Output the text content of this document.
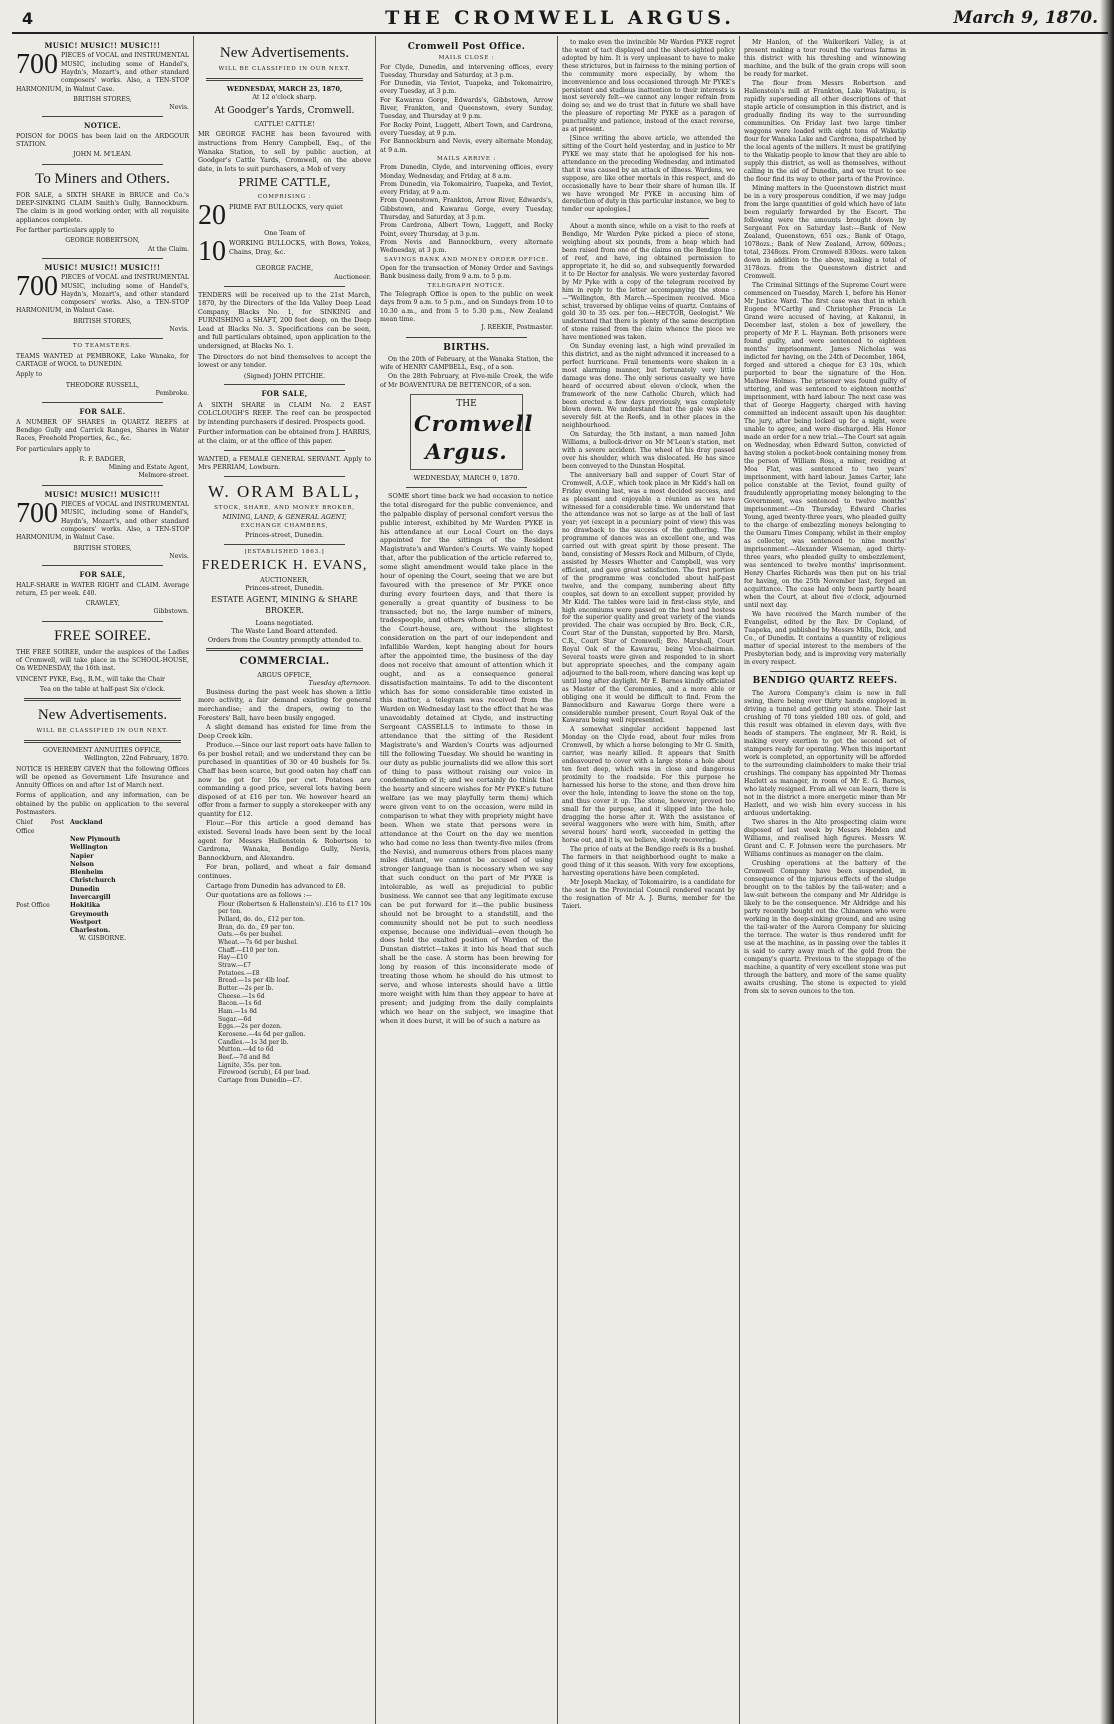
4	THE CROMWELL ARGUS.	March 9, 1870.
MUSIC! MUSIC!! MUSIC!!!
700 PIECES of VOCAL and INSTRUMENTAL MUSIC, including some of Handel's, Haydn's, Mozart's, and other standard composers' works. Also, a TEN-STOP HARMONIUM, in Walnut Case.
BRITISH STORES,
Nevis.
NOTICE.
POISON for DOGS has been laid on the ARDGOUR STATION.
JOHN M. M'LEAN.
To Miners and Others.
FOR SALE, a SIXTH SHARE in BRUCE and Co.'s DEEP-SINKING CLAIM Smith's Gully, Bannockburn. The claim is in good working order, with all requisite appliances complete.
For farther particulars apply to
GEORGE ROBERTSON,
At the Claim.
MUSIC! MUSIC!! MUSIC!!!
700 PIECES of VOCAL and INSTRUMENTAL MUSIC, including some of Handel's, Haydn's, Mozart's, and other standard composers' works. Also, a TEN-STOP HARMONIUM, in Walnut Case.
BRITISH STORES,
Nevis.
TO TEAMSTERS.
TEAMS WANTED at PEMBROKE, Lake Wanaka, for CARTAGE of WOOL to DUNEDIN.
Apply to
THEODORE RUSSELL,
Pembroke.
FOR SALE.
A NUMBER OF SHARES in QUARTZ REEFS at Bendigo Gully and Carrick Ranges, Shares in Water Races, Freehold Properties, &c., &c.
For particulars apply to
R. F. BADGER,
Mining and Estate Agent,
Melmore-street.
MUSIC! MUSIC!! MUSIC!!!
700 PIECES of VOCAL and INSTRUMENTAL MUSIC, including some of Handel's, Haydn's, Mozart's, and other standard composers' works. Also, a TEN-STOP HARMONIUM, in Walnut Case.
BRITISH STORES,
Nevis.
FOR SALE,
HALF-SHARE in WATER RIGHT and CLAIM. Average return, £5 per week. £40.
CRAWLEY,
Gibbstown.
FREE SOIREE.
THE FREE SOIREE, under the auspices of the Ladies of Cromwell, will take place in the SCHOOL-HOUSE, On WEDNESDAY, the 16th inst.
VINCENT PYKE, Esq., R.M., will take the Chair
Tea on the table at half-past Six o'clock.
New Advertisements.
WILL BE CLASSIFIED IN OUR NEXT.
GOVERNMENT ANNUITIES OFFICE,
Wellington, 22nd February, 1870.
NOTICE IS HEREBY GIVEN that the following Offices will be opened as Government Life Insurance and Annuity Offices on and after 1st of March next.
Forms of application, and any information, can be obtained by the public on application to the several Postmasters.
Chief Post Office
Auckland
New Plymouth
Wellington
Napier
Nelson
Blenheim
Christchurch
Dunedin
Invercargill
Post Office	Hokitika
Greymouth
Westport
Charleston.
W. GISBORNE.
New Advertisements.
WILL BE CLASSIFIED IN OUR NEXT.
WEDNESDAY, MARCH 23, 1870,
At 12 o'clock sharp.
At Goodger's Yards, Cromwell.
CATTLE! CATTLE!
MR GEORGE FACHE has been favoured with instructions from Henry Campbell, Esq., of the Wanaka Station, to sell by public auction, at Goodger's Cattle Yards, Cromwell, on the above date, in lots to suit purchasers, a Mob of very
PRIME CATTLE,
COMPRISING :
20 PRIME FAT BULLOCKS, very quiet
One Team of
10 WORKING BULLOCKS, with Bows, Yokes, Chains, Dray, &c.
GEORGE FACHE,
Auctioneer.
TENDERS will be received up to the 21st March, 1870, by the Directors of the Ida Valley Deep Lead Company, Blacks No. 1, for SINKING and FURNISHING a SHAFT, 200 feet deep, on the Deep Lead at Blacks No. 3. Specifications can be seen, and full particulars obtained, upon application to the undersigned, at Blacks No. 1.
The Directors do not bind themselves to accept the lowest or any tender.
(Signed) JOHN PITCHIE.
FOR SALE,
A SIXTH SHARE in CLAIM No. 2 EAST COLCLOUGH'S REEF. The reef can be prospected by intending purchasers if desired. Prospects good.
Further information can be obtained from J. HARRIS, at the claim, or at the office of this paper.
WANTED, a FEMALE GENERAL SERVANT. Apply to Mrs PERRIAM, Lowburn.
W. ORAM BALL,
STOCK, SHARE, AND MONEY BROKER,
MINING, LAND, & GENERAL AGENT,
EXCHANGE CHAMBERS,
Princes-street, Dunedin.
[ESTABLISHED 1863.]
FREDERICK H. EVANS,
AUCTIONEER,
Princes-street, Dunedin.
ESTATE AGENT, MINING & SHARE BROKER.
Loans negotiated.
The Waste Land Board attended.
Orders from the Country promptly attended to.
COMMERCIAL.
ARGUS OFFICE,
Tuesday afternoon.

Business during the past week has shown a little more activity, a fair demand existing for general merchandise; and the drapers, owing to the Foresters' Ball, have been busily engaged.

A slight demand has existed for lime from the Deep Creek kiln.

Produce.—Since our last report oats have fallen to 6s per bushel retail; and we understand they can be purchased in quantities of 30 or 40 bushels for 5s. Chaff has been scarce, but good oaten hay chaff can now be got for 10s per cwt. Potatoes are commanding a good price, several lots having been disposed of at £16 per ton. We however heard an offer from a farmer to supply a storekeeper with any quantity for £12.

Flour.—For this article a good demand has existed. Several loads have been sent by the local agent for Messrs Hallenstein & Robertson to Cardrona, Wanaka, Bendigo Gully, Nevis, Bannockburn, and Alexandra.

For bran, pollard, and wheat a fair demand continues.

Cartage from Dunedin has advanced to £8.

Our quotations are as follows :—

Flour (Robertson & Hallenstein's)..£16 to £17 10s per ton.
Pollard, do. do., £12 per ton.
Bran, do. do., £9 per ton.
Oats.—6s per bushel.
Wheat.—7s 6d per bushel.
Chaff.—£10 per ton.
Hay—£10
Straw.—£7
Potatoes.—£8
Bread.—1s per 4lb loaf.
Butter.—2s per lb.
Cheese.—1s 6d
Bacon.—1s 6d
Ham.—1s 8d
Sugar.—6d
Eggs.—2s per dozen.
Kerosene.—4s 6d per gallon.
Candles.—1s 3d per lb.
Mutton.—4d to 6d
Beef.—7d and 8d
Lignite, 35s. per ton.
Firewood (scrub), £4 per load.
Cartage from Dunedin—£7.
Cromwell Post Office.
MAILS CLOSE :
For Clyde, Dunedin, and intervening offices, every Tuesday, Thursday and Saturday, at 3 p.m.
For Dunedin, via Teviot, Tuapeka, and Tokomairiro, every Tuesday, at 3 p.m.
For Kawarau Gorge, Edwards's, Gibbstown, Arrow River, Frankton, and Queenstown, every Sunday, Tuesday, and Thursday at 9 p.m.
For Rocky Point, Luggett, Albert Town, and Cardrona, every Tuesday, at 9 p.m.
For Bannockburn and Nevis, every alternate Monday, at 9 a.m.
MAILS ARRIVE :
From Dunedin, Clyde, and intervening offices, every Monday, Wednesday, and Friday, at 8 a.m.
From Dunedin, via Tokomairiro, Tuapeka, and Teviot, every Friday, at 9 a.m.
From Queenstown, Frankton, Arrow River, Edwards's, Gibbstown, and Kawarau Gorge, every Tuesday, Thursday, and Saturday, at 3 p.m.
From Cardrona, Albert Town, Luggett, and Rocky Point, every Thursday, at 3 p.m.
From Nevis and Bannockburn, every alternate Wednesday, at 3 p.m.
SAVINGS BANK AND MONEY ORDER OFFICE.
Open for the transaction of Money Order and Savings Bank business daily, from 9 a.m. to 5 p.m.
TELEGRAPH NOTICE.
The Telegraph Office is open to the public on week days from 9 a.m. to 5 p.m., and on Sundays from 10 to 10.30 a.m., and from 5 to 5.30 p.m., New Zealand mean time.
J. REEKIE, Postmaster.
BIRTHS.

On the 20th of February, at the Wanaka Station, the wife of HENRY CAMPBELL, Esq., of a son.

On the 28th February, at Five-mile Creek, the wife of Mr BOAVENTURA DE BETTENCOR, of a son.

THE
Cromwell Argus.
WEDNESDAY, MARCH 9, 1870.

SOME short time back we had occasion to notice the total disregard for the public convenience, and the palpable display of personal comfort versus the public interest, exhibited by Mr Warden PYKE in his attendance at our Local Court on the days appointed for the sittings of the Resident Magistrate's and Warden's Courts. We vainly hoped that, after the publication of the article referred to, some slight amendment would take place in the hour of opening the Court, seeing that we are but favoured with the presence of Mr PYKE once during every fourteen days, and that there is generally a great quantity of business to be transacted; but no, the large number of miners, tradespeople, and others whom business brings to the Court-house, are, without the slightest consideration on the part of our independent and infallible Warden, kept hanging about for hours after the appointed time, the business of the day does not receive that amount of attention which it ought, and as a consequence general dissatisfaction maintains. To add to the discontent which has for some considerable time existed in this matter, a telegram was received from the Warden on Wednesday last to the effect that he was unavoidably detained at Clyde, and instructing Sergeant CASSELLS to intimate to those in attendance that the sitting of the Resident Magistrate's and Warden's Courts was adjourned till the following Tuesday. We should be wanting in our duty as public journalists did we allow this sort of thing to pass without raising our voice in condemnation of it; and we certainly do think that the hearty and sincere wishes for Mr PYKE's future welfare (as we may playfully term them) which were given vent to on the occasion, were mild in comparison to what they with propriety might have been. When we state that persons were in attendance at the Court on the day we mention who had come no less than twenty-five miles (from the Nevis), and numerous others from places many miles distant, we cannot be accused of using stronger language than is necessary when we say that such conduct on the part of Mr PYKE is intolerable, as well as prejudicial to public business. We cannot see that any legitimate excuse can be put forward for it—the public business should not be brought to a standstill, and the community should not be put to such needless expense, because one individual—even though he does hold the exalted position of Warden of the Dunstan district—takes it into his head that such shall be the case. A storm has been brewing for long by reason of this inconsiderate mode of treating those whom he should do his utmost to serve, and whose interests should have a little more weight with him than they appear to have at present; and judging from the daily complaints which we hear on the subject, we imagine that when it does burst, it will be of such a nature as

to make even the invincible Mr Warden PYKE regret the want of tact displayed and the short-sighted policy adopted by him. It is very unpleasant to have to make these strictures, but in fairness to the mining portion of the community more especially, by whom the inconvenience and loss occasioned through Mr PYKE's persistent and studious inattention to their interests is most severely felt—we cannot any longer refrain from doing so; and we do trust that in future we shall have the pleasure of reporting Mr PYKE as a paragon of punctuality and patience, instead of the exact reverse, as at present.

[Since writing the above article, we attended the sitting of the Court held yesterday, and in justice to Mr PYKE we may state that he apologised for his non-attendance on the preceding Wednesday, and intimated that it was caused by an attack of illness. Wardens, we suppose, are like other mortals in this respect, and do occasionally have to bear their share of human ills. If we have wronged Mr PYKE in accusing him of dereliction of duty in this particular instance, we beg to tender our apologies.]

About a month since, while on a visit to the reefs at Bendigo, Mr Warden Pyke picked a piece of stone, weighing about six pounds, from a heap which had been raised from one of the claims on the Bendigo line of reef, and have, ing obtained permission to appropriate it, he did so, and subsequently forwarded it to Dr Hector for analysis. We were yesterday favored by Mr Pyke with a copy of the telegram received by him in reply to the letter accompanying the stone :—"Wellington, 8th March.—Specimen received. Mica schist, traversed by oblique veins of quartz. Contains of gold 30 to 35 ozs. per ton.—HECTOR, Geologist." We understand that there is plenty of the same description of stone raised from the claim whence the piece we have mentioned was taken.

On Sunday evening last, a high wind prevailed in this district, and as the night advanced it increased to a perfect hurricane. Frail tenements were shaken in a most alarming manner, but fortunately very little damage was done. The only serious casualty we have heard of occurred about eleven o'clock, when the framework of the new Catholic Church, which had been erected a few days previously, was completely blown down. We understand that the gale was also severely felt at the Reefs, and in other places in the neighbourhood.

On Saturday, the 5th instant, a man named John Williams, a bullock-driver on Mr M'Lean's station, met with a severe accident. The wheel of his dray passed over his shoulder, which was dislocated. He has since been conveyed to the Dunstan Hospital.

The anniversary ball and supper of Court Star of Cromwell, A.O.F., which took place in Mr Kidd's hall on Friday evening last, was a most decided success, and as pleasant and enjoyable a réunion as we have witnessed for a considerable time. We understand that the attendance was not so large as at the ball of last year; yet (except in a pecuniary point of view) this was no drawback to the success of the gathering. The programme of dances was an excellent one, and was carried out with great spirit by those present. The band, consisting of Messrs Rock and Milburn, of Clyde, assisted by Messrs Whetter and Campbell, was very efficient, and gave great satisfaction. The first portion of the programme was concluded about half-past twelve, and the company, numbering about fifty couples, sat down to an excellent supper, provided by Mr Kidd. The tables were laid in first-class style, and high encomiums were passed on the host and hostess for the superior quality and great variety of the viands provided. The chair was occupied by Bro. Beck, C.R., Court Star of the Dunstan, supported by Bro. Marsh, C.R., Court Star of Cromwell; Bro. Marshall, Court Royal Oak of the Kawarau, being Vice-chairman. Several toasts were given and responded to in short but appropriate speeches, and the company again adjourned to the ball-room, where dancing was kept up until long after daylight. Mr E. Barnes kindly officiated as Master of the Ceremonies, and a more able or obliging one it would be difficult to find. From the Bannockburn and Kawarau Gorge there were a considerable number present, Court Royal Oak of the Kawarau being well represented.

A somewhat singular accident happened last Monday on the Clyde road, about four miles from Cromwell, by which a horse belonging to Mr G. Smith, carrier, was nearly killed. It appears that Smith endeavoured to cover with a large stone a hole about ten feet deep, which was in close and dangerous proximity to the roadside. For this purpose he harnessed his horse to the stone, and then drove him over the hole, intending to leave the stone on the top, and thus cover it up. The stone, however, proved too small for the purpose, and it slipped into the hole, dragging the horse after it. With the assistance of several waggoners who were with him, Smith, after several hours' hard work, succeeded in getting the horse out, and it is, we believe, slowly recovering.

The price of oats at the Bendigo reefs is 8s a bushel. The farmers in that neighborhood ought to make a good thing of it this season. With very few exceptions, harvesting operations have been completed.

Mr Joseph Mackay, of Tokomairiro, is a candidate for the seat in the Provincial Council rendered vacant by the resignation of Mr A. J. Burns, member for the Taieri.

Mr Hanlon, of the Waikerikeri Valley, is at present making a tour round the various farms in this district with his threshing and winnowing machine, and the bulk of the grain crops will soon be ready for market.

The flour from Messrs Robertson and Hallenstein's mill at Frankton, Lake Wakatipu, is rapidly superseding all other descriptions of that staple article of consumption in this district, and is gradually finding its way to the surrounding communities. On Friday last two large timber waggons were loaded with eight tons of Wakatip flour for Wanaka Lake and Cardrona, dispatched by the local agents of the millers. It must be gratifying to the Wakatip people to know that they are able to supply this district, as well as themselves, without calling in the aid of Dunedin, and we trust to see the flour find its way to other parts of the Province.

Mining matters in the Queenstown district must be in a very prosperous condition, if we may judge from the large quantities of gold which have of late been regularly forwarded by the Escort. The following were the amounts brought down by Sergeant Fox on Saturday last:—Bank of New Zealand, Queenstown, 651 ozs.; Bank of Otago, 1078ozs.; Bank of New Zealand, Arrow, 609ozs.; total, 2348ozs. From Cromwell 830ozs. were taken down in addition to the above, making a total of 3178ozs. from the Queenstown district and Cromwell.

The Criminal Sittings of the Supreme Court were commenced on Tuesday, March 1, before his Honor Mr Justice Ward. The first case was that in which Eugene M'Carthy and Christopher Francis Le Grand were accused of having, at Kakanui, in December last, stolen a box of jewellery, the property of Mr F. L. Hayman. Both prisoners were found guilty, and were sentenced to eighteen months' imprisonment. James Nicholas was indicted for having, on the 24th of December, 1864, forged and uttered a cheque for £3 10s, which purported to bear the signature of the Hon. Mathew Holmes. The prisoner was found guilty of uttering, and was sentenced to eighteen months' imprisonment, with hard labour. The next case was that of George Haggerty, charged with having committed an indecent assault upon his daughter. The jury, after being locked up for a night, were unable to agree, and were discharged. His Honor made an order for a new trial.—The Court sat again on Wednesday, when Edward Sutton, convicted of having stolen a pocket-book containing money from the person of William Ross, a miner, residing at Moa Flat, was sentenced to two years' imprisonment, with hard labour. James Carter, late police constable at the Teviot, found guilty of fraudulently appropriating money belonging to the Government, was sentenced to twelve months' imprisonment.—On Thursday, Edward Charles Young, aged twenty-three years, who pleaded guilty to the charge of embezzling moneys belonging to the Oamaru Times Company, whilst in their employ as collector, was sentenced to nine months' imprisonment.—Alexander Wiseman, aged thirty-three years, who pleaded guilty to embezzlement, was sentenced to twelve months' imprisonment. Henry Charles Richards was then put on his trial for having, on the 25th November last, forged an acquittance. The case had only been partly heard when the Court, at about five o'clock, adjourned until next day.

We have received the March number of the Evangelist, edited by the Rev. Dr Copland, of Tuapeka, and published by Messrs Mills, Dick, and Co., of Dunedin. It contains a quantity of religious matter of special interest to the members of the Presbyterian body, and is improving very materially in every respect.

BENDIGO QUARTZ REEFS.

The Aurora Company's claim is now in full swing, there being over thirty hands employed in driving a tunnel and getting out stone. Their last crushing of 70 tons yielded 180 ozs. of gold, and this result was obtained in eleven days, with five heads of stampers. The engineer, Mr R. Reid, is making every exertion to get the second set of stampers ready for operating. When this important work is completed, an opportunity will be afforded to the surrounding claimholders to make their trial crushings. The company has appointed Mr Thomas Hazlett as manager, in room of Mr E. G. Barnes, who lately resigned. From all we can learn, there is not in the district a more energetic miner than Mr Hazlett, and we wish him every success in his arduous undertaking.

Two shares in the Alto prospecting claim were disposed of last week by Messrs Hebden and Williams, and realised high figures. Messrs W. Grant and C. F. Johnson were the purchasers. Mr Williams continues as manager on the claim.

Crushing operations at the battery of the Cromwell Company have been suspended, in consequence of the injurious effects of the sludge brought on to the tables by the tail-water; and a law-suit between the company and Mr Aldridge is likely to be the consequence. Mr Aldridge and his party recently bought out the Chinamen who were working in the deep-sinking ground, and are using the tail-water of the Aurora Company for sluicing the terrace. The water is thus rendered unfit for use at the machine, as in passing over the tables it is said to carry away much of the gold from the company's quartz. Previous to the stoppage of the machine, a quantity of very excellent stone was put through the battery, and more of the same quality awaits crushing. The stone is expected to yield from six to seven ounces to the ton.
